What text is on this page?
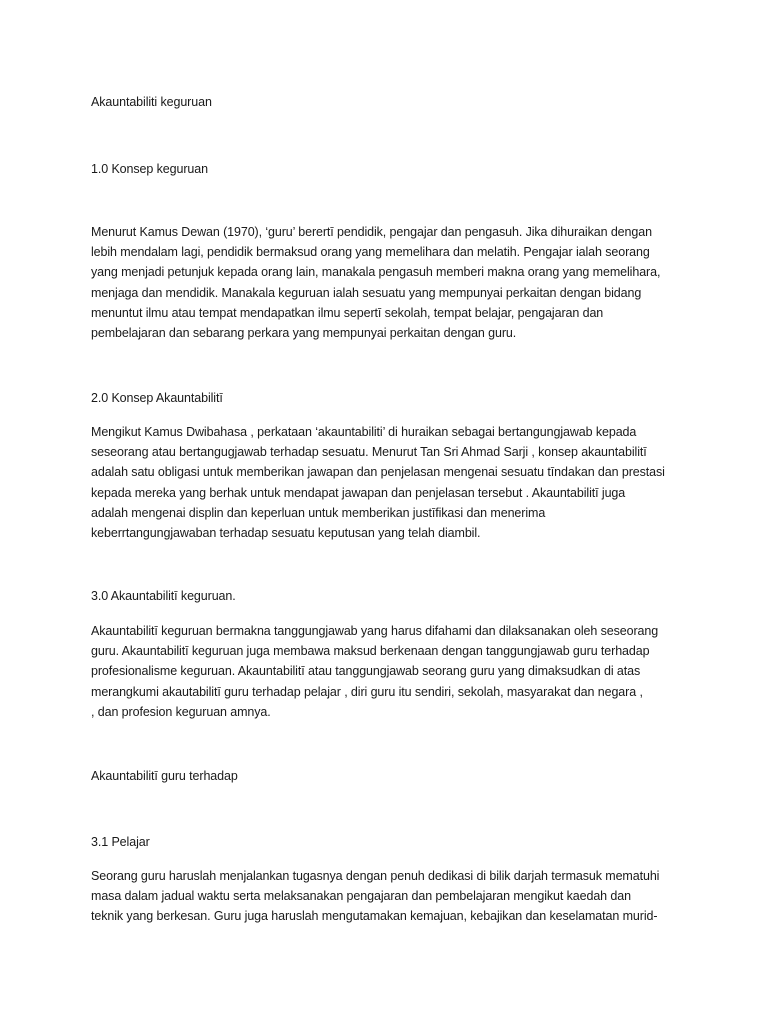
Akauntabiliti keguruan

1.0 Konsep keguruan

Menurut Kamus Dewan (1970), ‘guru’ berertī pendidik, pengajar dan pengasuh. Jika dihuraikan dengan
lebih mendalam lagi, pendidik bermaksud orang yang memelihara dan melatih. Pengajar ialah seorang
yang menjadi petunjuk kepada orang lain, manakala pengasuh memberi makna orang yang memelihara,
menjaga dan mendidik. Manakala keguruan ialah sesuatu yang mempunyai perkaitan dengan bidang
menuntut ilmu atau tempat mendapatkan ilmu sepertī sekolah, tempat belajar, pengajaran dan
pembelajaran dan sebarang perkara yang mempunyai perkaitan dengan guru.

2.0 Konsep Akauntabilitī

Mengikut Kamus Dwibahasa , perkataan ‘akauntabiliti’ di huraikan sebagai bertangungjawab kepada
seseorang atau bertangugjawab terhadap sesuatu. Menurut Tan Sri Ahmad Sarji , konsep akauntabilitī
adalah satu obligasi untuk memberikan jawapan dan penjelasan mengenai sesuatu tīndakan dan prestasi
kepada mereka yang berhak untuk mendapat jawapan dan penjelasan tersebut . Akauntabilitī juga
adalah mengenai displin dan keperluan untuk memberikan justīfikasi dan menerima
keberrtangungjawaban terhadap sesuatu keputusan yang telah diambil.

3.0 Akauntabilitī keguruan.

Akauntabilitī keguruan bermakna tanggungjawab yang harus difahami dan dilaksanakan oleh seseorang
guru. Akauntabilitī keguruan juga membawa maksud berkenaan dengan tanggungjawab guru terhadap
profesionalisme keguruan. Akauntabilitī atau tanggungjawab seorang guru yang dimaksudkan di atas
merangkumi akautabilitī guru terhadap pelajar , diri guru itu sendiri, sekolah, masyarakat dan negara ,
, dan profesion keguruan amnya.

Akauntabilitī guru terhadap

3.1 Pelajar

Seorang guru haruslah menjalankan tugasnya dengan penuh dedikasi di bilik darjah termasuk mematuhi
masa dalam jadual waktu serta melaksanakan pengajaran dan pembelajaran mengikut kaedah dan
teknik yang berkesan. Guru juga haruslah mengutamakan kemajuan, kebajikan dan keselamatan murid-
